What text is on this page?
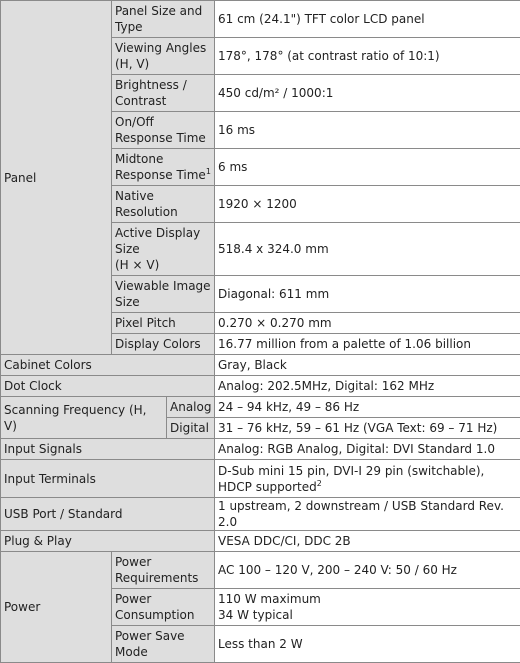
Panel	Panel Size and Type		61 cm (24.1") TFT color LCD panel
	Viewing Angles (H, V)		178°, 178° (at contrast ratio of 10:1)
	Brightness / Contrast		450 cd/m² / 1000:1
	On/Off Response Time		16 ms
	Midtone Response Time$^1$		6 ms
	Native Resolution		1920 × 1200
	Active Display Size
(H × V)		518.4 x 324.0 mm
	Viewable Image Size		Diagonal: 611 mm
	Pixel Pitch		0.270 × 0.270 mm
	Display Colors		16.77 million from a palette of 1.06 billion
Cabinet Colors			Gray, Black
Dot Clock			Analog: 202.5MHz, Digital: 162 MHz
Scanning Frequency (H, V)		Analog	24 – 94 kHz, 49 – 86 Hz
		Digital	31 – 76 kHz, 59 – 61 Hz (VGA Text: 69 – 71 Hz)
Input Signals			Analog: RGB Analog, Digital: DVI Standard 1.0
Input Terminals			D-Sub mini 15 pin, DVI-I 29 pin (switchable), HDCP supported$^2$
USB Port / Standard			1 upstream, 2 downstream / USB Standard Rev. 2.0
Plug & Play			VESA DDC/CI, DDC 2B
Power	Power Requirements		AC 100 – 120 V, 200 – 240 V: 50 / 60 Hz
	Power Consumption		110 W maximum
34 W typical

	Power Save Mode		Less than 2 W
